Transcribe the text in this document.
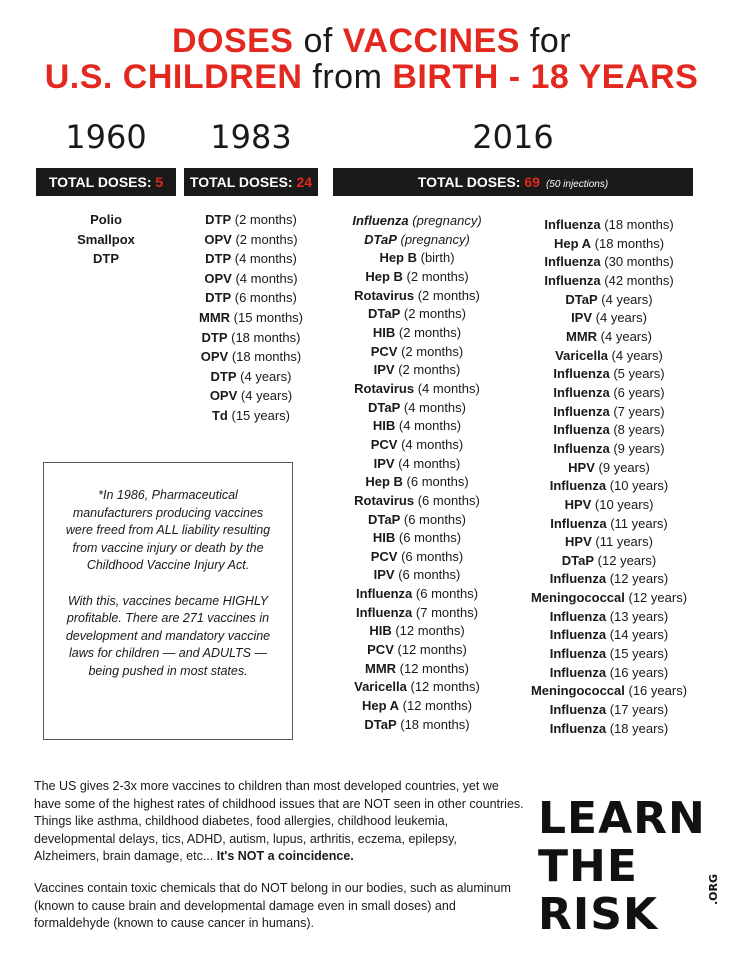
DOSES of VACCINES for
U.S. CHILDREN from BIRTH - 18 YEARS
1960	1983	2016
TOTAL DOSES: 5	TOTAL DOSES: 24	TOTAL DOSES: 69 (50 injections)
Polio
Smallpox
DTP
DTP (2 months)
OPV (2 months)
DTP (4 months)
OPV (4 months)
DTP (6 months)
MMR (15 months)
DTP (18 months)
OPV (18 months)
DTP (4 years)
OPV (4 years)
Td (15 years)
Influenza (pregnancy)
DTaP (pregnancy)
Hep B (birth)
Hep B (2 months)
Rotavirus (2 months)
DTaP (2 months)
HIB (2 months)
PCV (2 months)
IPV (2 months)
Rotavirus (4 months)
DTaP (4 months)
HIB (4 months)
PCV (4 months)
IPV (4 months)
Hep B (6 months)
Rotavirus (6 months)
DTaP (6 months)
HIB (6 months)
PCV (6 months)
IPV (6 months)
Influenza (6 months)
Influenza (7 months)
HIB (12 months)
PCV (12 months)
MMR (12 months)
Varicella (12 months)
Hep A (12 months)
DTaP (18 months)
Influenza (18 months)
Hep A (18 months)
Influenza (30 months)
Influenza (42 months)
DTaP (4 years)
IPV (4 years)
MMR (4 years)
Varicella (4 years)
Influenza (5 years)
Influenza (6 years)
Influenza (7 years)
Influenza (8 years)
Influenza (9 years)
HPV (9 years)
Influenza (10 years)
HPV (10 years)
Influenza (11 years)
HPV (11 years)
DTaP (12 years)
Influenza (12 years)
Meningococcal (12 years)
Influenza (13 years)
Influenza (14 years)
Influenza (15 years)
Influenza (16 years)
Meningococcal (16 years)
Influenza (17 years)
Influenza (18 years)

*In 1986, Pharmaceutical manufacturers producing vaccines were freed from ALL liability resulting from vaccine injury or death by the Childhood Vaccine Injury Act.

With this, vaccines became HIGHLY profitable. There are 271 vaccines in development and mandatory vaccine laws for children — and ADULTS — being pushed in most states.

The US gives 2-3x more vaccines to children than most developed countries, yet we have some of the highest rates of childhood issues that are NOT seen in other countries. Things like asthma, childhood diabetes, food allergies, childhood leukemia, developmental delays, tics, ADHD, autism, lupus, arthritis, eczema, epilepsy, Alzheimers, brain damage, etc... It's NOT a coincidence.
Vaccines contain toxic chemicals that do NOT belong in our bodies, such as aluminum (known to cause brain and developmental damage even in small doses) and formaldehyde (known to cause cancer in humans).
LEARN
THE
RISK	.ORG
